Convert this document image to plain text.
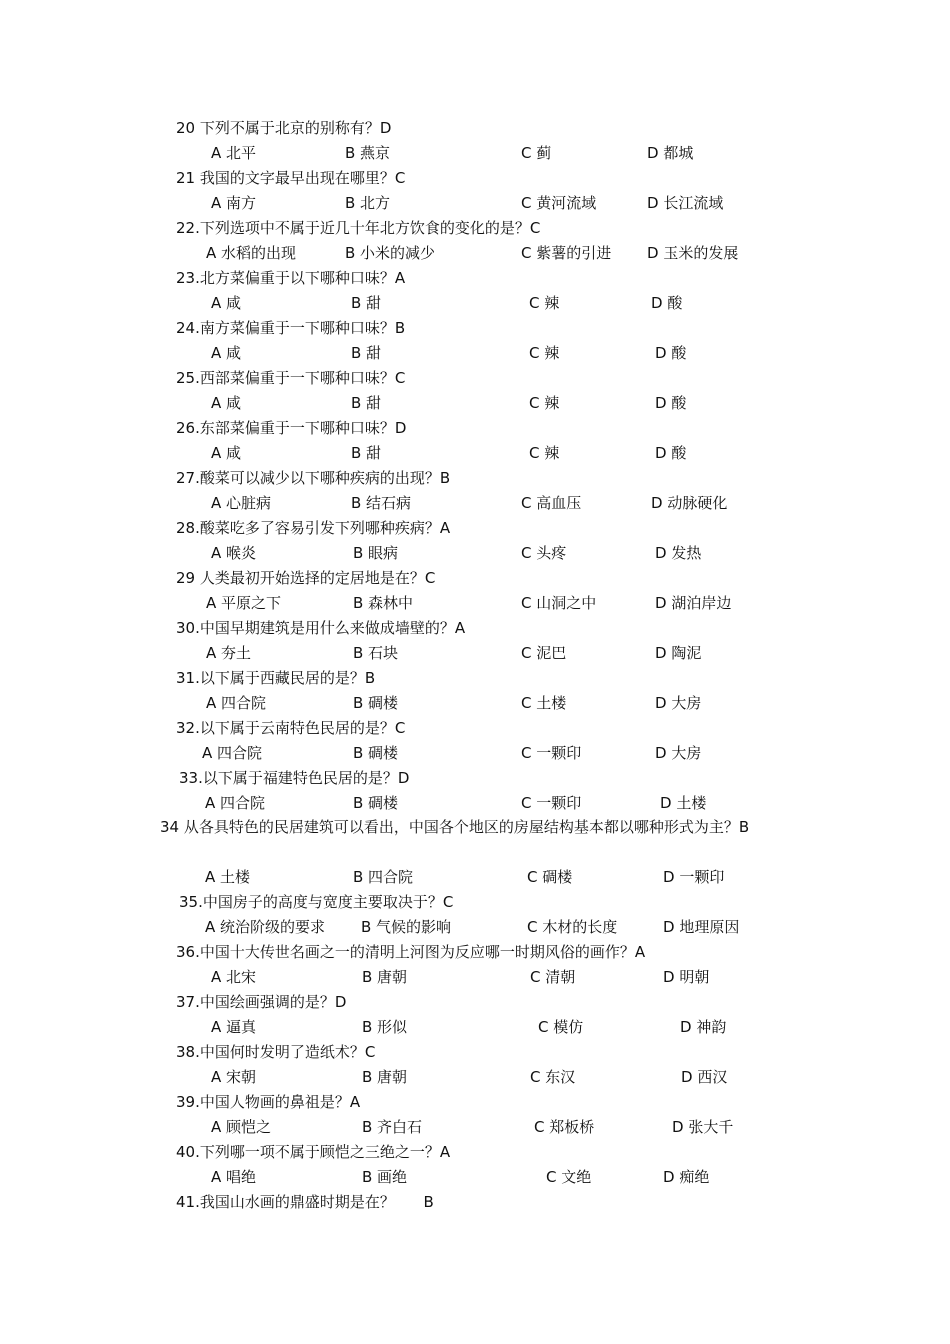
20 下列不属于北京的别称有？D
A 北平	B 燕京	C 蓟	D 都城
21 我国的文字最早出现在哪里？C
A 南方	B 北方	C 黄河流域	D 长江流域
22.下列选项中不属于近几十年北方饮食的变化的是？C
A 水稻的出现	B 小米的减少	C 紫薯的引进 D 玉米的发展
23.北方菜偏重于以下哪种口味？A
A 咸	B 甜	C 辣	D 酸
24.南方菜偏重于一下哪种口味？B
A 咸	B 甜	C 辣	D 酸
25.西部菜偏重于一下哪种口味？C
A 咸	B 甜	C 辣	D 酸
26.东部菜偏重于一下哪种口味？D
A 咸	B 甜	C 辣	D 酸
27.酸菜可以减少以下哪种疾病的出现？B
A 心脏病	B 结石病	C 高血压	D 动脉硬化
28.酸菜吃多了容易引发下列哪种疾病？A
A 喉炎	B 眼病	C 头疼	D 发热
29 人类最初开始选择的定居地是在？C
A 平原之下	B 森林中	C 山洞之中	D 湖泊岸边
30.中国早期建筑是用什么来做成墙壁的？A
A 夯土	B 石块	C 泥巴	D 陶泥
31.以下属于西藏民居的是？B
A 四合院	B 碉楼	C 土楼	D 大房
32.以下属于云南特色民居的是？C
A 四合院	B 碉楼	C 一颗印	D 大房
33.以下属于福建特色民居的是？D
A 四合院	B 碉楼	C 一颗印	D 土楼
34 从各具特色的民居建筑可以看出，中国各个地区的房屋结构基本都以哪种形式为主？B
A 土楼	B 四合院	C 碉楼	D 一颗印
35.中国房子的高度与宽度主要取决于？C
A 统治阶级的要求 B 气候的影响	C 木材的长度	D 地理原因
36.中国十大传世名画之一的清明上河图为反应哪一时期风俗的画作？A
A 北宋	B 唐朝	C 清朝	D 明朝
37.中国绘画强调的是？D
A 逼真	B 形似	C 模仿	D 神韵
38.中国何时发明了造纸术？C
A 宋朝	B 唐朝	C 东汉	D 西汉
39.中国人物画的鼻祖是？A
A 顾恺之	B 齐白石	C 郑板桥	D 张大千
40.下列哪一项不属于顾恺之三绝之一？A
A 唱绝	B 画绝	C 文绝	D 痴绝
41.我国山水画的鼎盛时期是在？      B
